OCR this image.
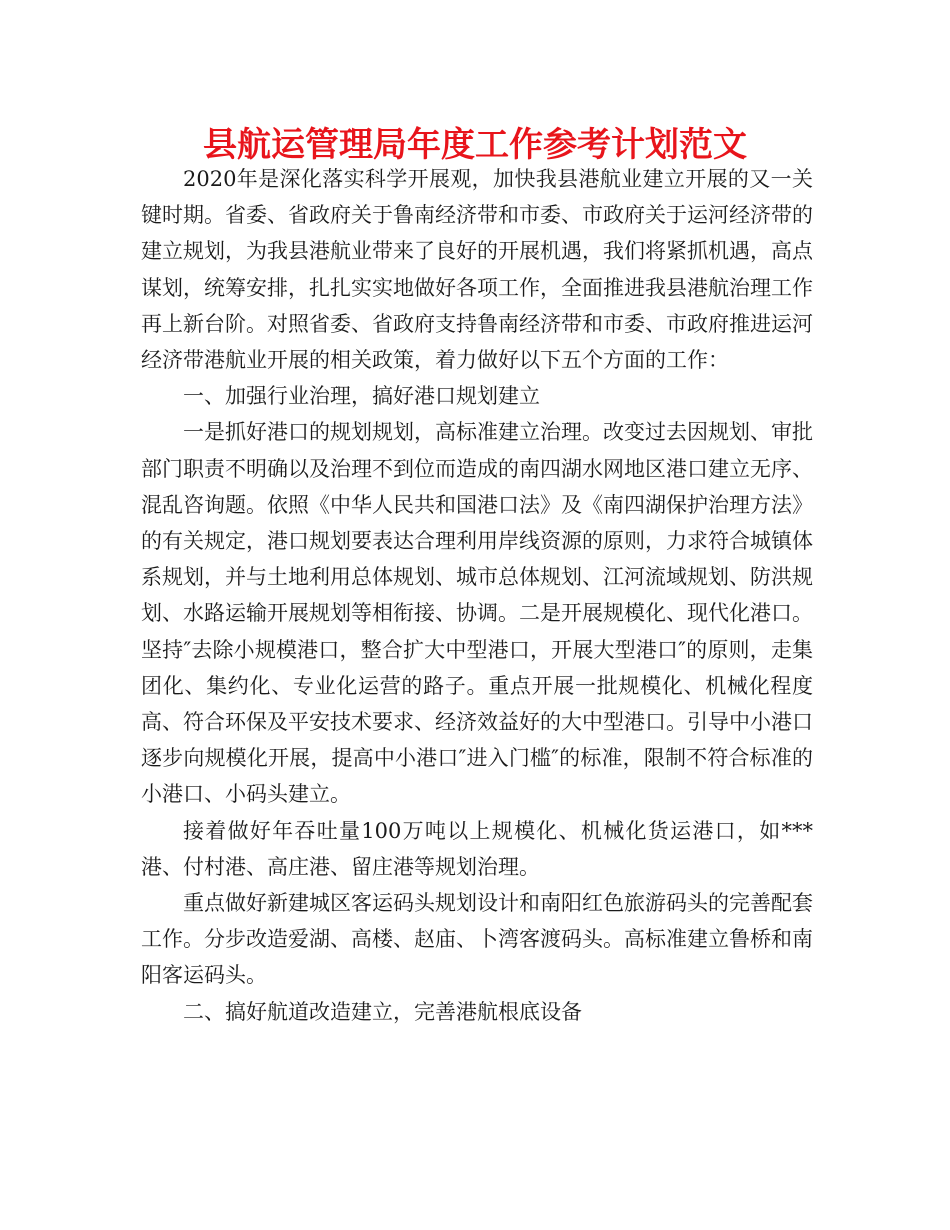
县航运管理局年度工作参考计划范文

2020年是深化落实科学开展观，加快我县港航业建立开展的又一关键时期。省委、省政府关于鲁南经济带和市委、市政府关于运河经济带的建立规划，为我县港航业带来了良好的开展机遇，我们将紧抓机遇，高点谋划，统筹安排，扎扎实实地做好各项工作，全面推进我县港航治理工作再上新台阶。对照省委、省政府支持鲁南经济带和市委、市政府推进运河经济带港航业开展的相关政策，着力做好以下五个方面的工作：

一、加强行业治理，搞好港口规划建立

一是抓好港口的规划规划，高标准建立治理。改变过去因规划、审批部门职责不明确以及治理不到位而造成的南四湖水网地区港口建立无序、混乱咨询题。依照《中华人民共和国港口法》及《南四湖保护治理方法》的有关规定，港口规划要表达合理利用岸线资源的原则，力求符合城镇体系规划，并与土地利用总体规划、城市总体规划、江河流域规划、防洪规划、水路运输开展规划等相衔接、协调。二是开展规模化、现代化港口。坚持″去除小规模港口，整合扩大中型港口，开展大型港口″的原则，走集团化、集约化、专业化运营的路子。重点开展一批规模化、机械化程度高、符合环保及平安技术要求、经济效益好的大中型港口。引导中小港口逐步向规模化开展，提高中小港口″进入门槛″的标准，限制不符合标准的小港口、小码头建立。

接着做好年吞吐量100万吨以上规模化、机械化货运港口，如***港、付村港、高庄港、留庄港等规划治理。

重点做好新建城区客运码头规划设计和南阳红色旅游码头的完善配套工作。分步改造爱湖、高楼、赵庙、卜湾客渡码头。高标准建立鲁桥和南阳客运码头。

二、搞好航道改造建立，完善港航根底设备
